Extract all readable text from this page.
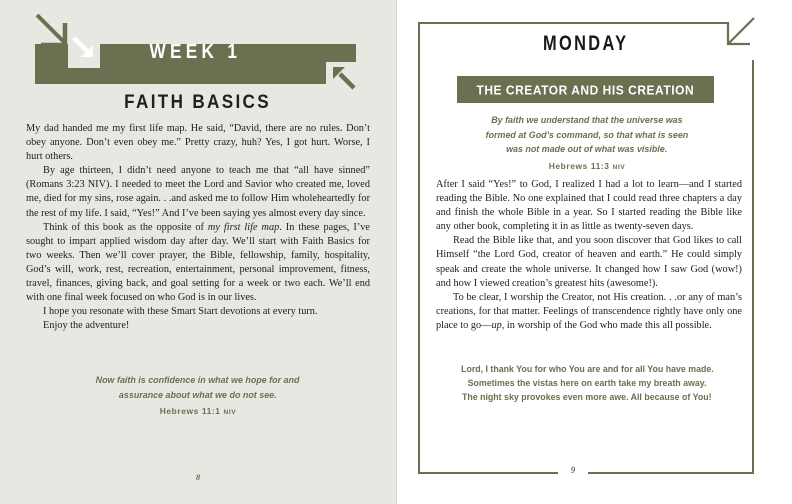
WEEK 1
FAITH BASICS

My dad handed me my first life map. He said, “David, there are no rules. Don’t obey anyone. Don’t even obey me.” Pretty crazy, huh? Yes, I got hurt. Worse, I hurt others.

By age thirteen, I didn’t need anyone to teach me that “all have sinned” (Romans 3:23 NIV). I needed to meet the Lord and Savior who created me, loved me, died for my sins, rose again. . .and asked me to follow Him wholeheartedly for the rest of my life. I said, “Yes!” And I’ve been saying yes almost every day since.

Think of this book as the opposite of my first life map. In these pages, I’ve sought to impart applied wisdom day after day. We’ll start with Faith Basics for two weeks. Then we’ll cover prayer, the Bible, fellowship, family, hospitality, God’s will, work, rest, recreation, entertainment, personal improvement, fitness, travel, finances, giving back, and goal setting for a week or two each. We’ll end with one final week focused on who God is in our lives.

I hope you resonate with these Smart Start devotions at every turn.

Enjoy the adventure!

Now faith is confidence in what we hope for and
assurance about what we do not see.
Hebrews 11:1 NIV
8
MONDAY
THE CREATOR AND HIS CREATION
By faith we understand that the universe was
formed at God’s command, so that what is seen
was not made out of what was visible.
Hebrews 11:3 NIV

After I said “Yes!” to God, I realized I had a lot to learn—and I started reading the Bible. No one explained that I could read three chapters a day and finish the whole Bible in a year. So I started reading the Bible like any other book, completing it in as little as twenty-seven days.

Read the Bible like that, and you soon discover that God likes to call Himself “the Lord God, creator of heaven and earth.” He could simply speak and create the whole universe. It changed how I saw God (wow!) and how I viewed creation’s greatest hits (awesome!).

To be clear, I worship the Creator, not His creation. . .or any of man’s creations, for that matter. Feelings of transcendence rightly have only one place to go—up, in worship of the God who made this all possible.

Lord, I thank You for who You are and for all You have made.
Sometimes the vistas here on earth take my breath away.
The night sky provokes even more awe. All because of You!
9
